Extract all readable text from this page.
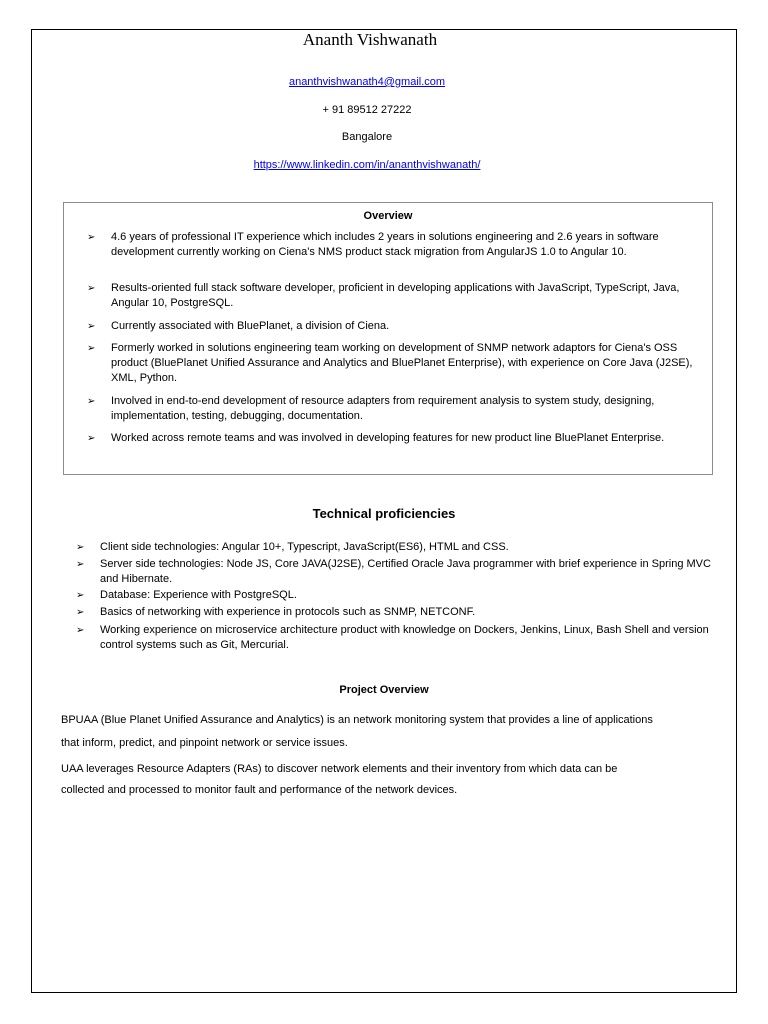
Ananth Vishwanath
ananthvishwanath4@gmail.com
+ 91 89512 27222
Bangalore
https://www.linkedin.com/in/ananthvishwanath/
Overview
➢ 4.6 years of professional IT experience which includes 2 years in solutions engineering and 2.6 years in software development currently working on Ciena's NMS product stack migration from AngularJS 1.0 to Angular 10.
➢ Results-oriented full stack software developer, proficient in developing applications with JavaScript, TypeScript, Java, Angular 10, PostgreSQL.
➢ Currently associated with BluePlanet, a division of Ciena.
➢ Formerly worked in solutions engineering team working on development of SNMP network adaptors for Ciena's OSS product (BluePlanet Unified Assurance and Analytics and BluePlanet Enterprise), with experience on Core Java (J2SE), XML, Python.
➢ Involved in end-to-end development of resource adapters from requirement analysis to system study, designing, implementation, testing, debugging, documentation.
➢ Worked across remote teams and was involved in developing features for new product line BluePlanet Enterprise.
Technical proficiencies
➢ Client side technologies: Angular 10+, Typescript, JavaScript(ES6), HTML and CSS.
➢ Server side technologies: Node JS, Core JAVA(J2SE), Certified Oracle Java programmer with brief experience in Spring MVC and Hibernate.
➢ Database: Experience with PostgreSQL.
➢ Basics of networking with experience in protocols such as SNMP, NETCONF.
➢ Working experience on microservice architecture product with knowledge on Dockers, Jenkins, Linux, Bash Shell and version control systems such as Git, Mercurial.
Project Overview
BPUAA (Blue Planet Unified Assurance and Analytics) is an network monitoring system that provides a line of applications
that inform, predict, and pinpoint network or service issues.
UAA leverages Resource Adapters (RAs) to discover network elements and their inventory from which data can be
collected and processed to monitor fault and performance of the network devices.
